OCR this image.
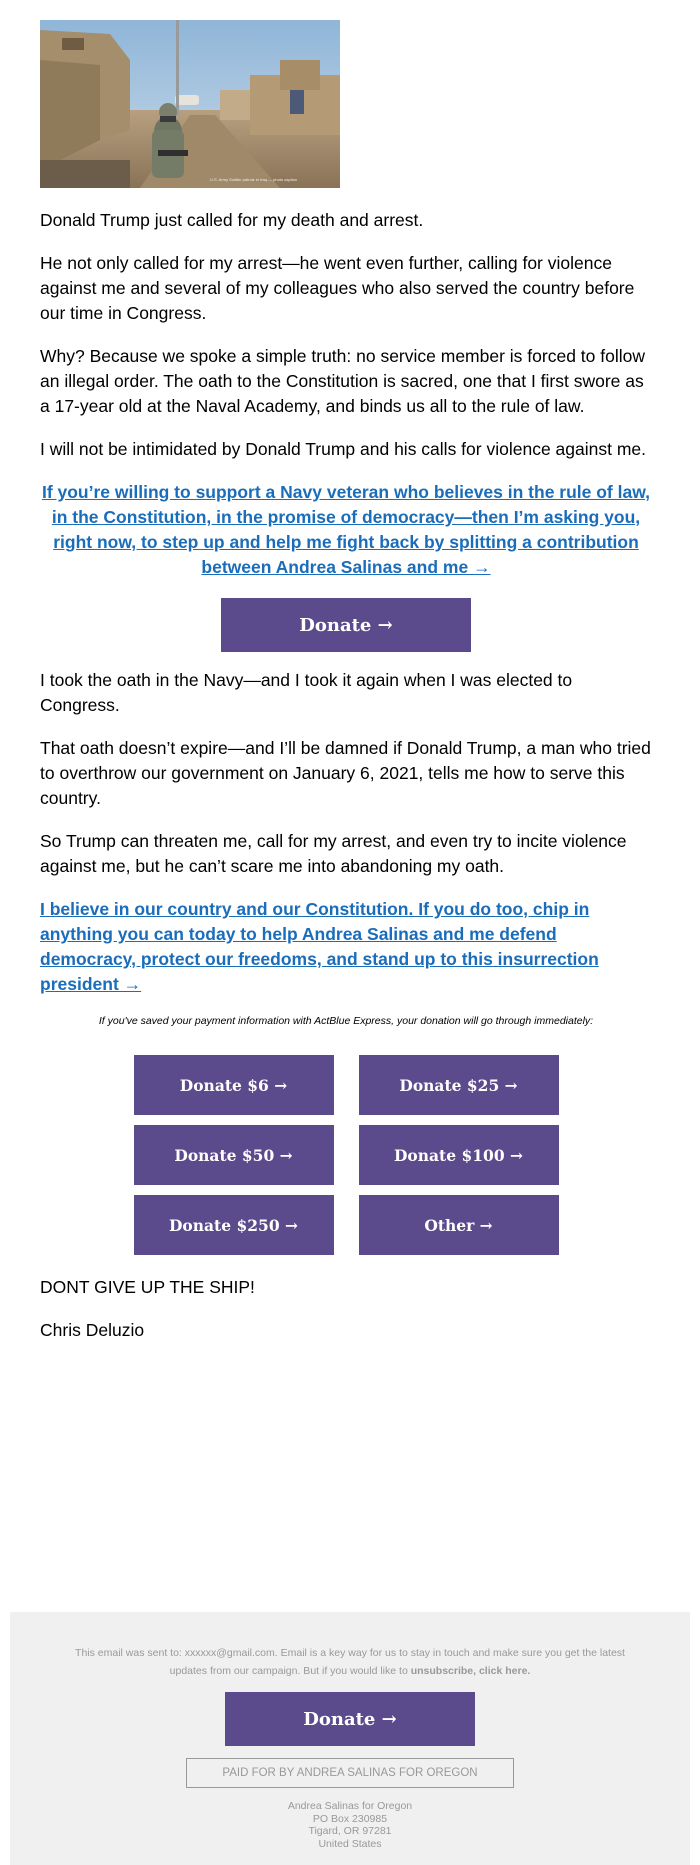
U.S. Army Soldier patrols in Iraq — photo caption

Donald Trump just called for my death and arrest.

He not only called for my arrest—he went even further, calling for violence against me and several of my colleagues who also served the country before our time in Congress.

Why? Because we spoke a simple truth: no service member is forced to follow an illegal order. The oath to the Constitution is sacred, one that I first swore as a 17-year old at the Naval Academy, and binds us all to the rule of law.

I will not be intimidated by Donald Trump and his calls for violence against me.

If you’re willing to support a Navy veteran who believes in the rule of law, in the Constitution, in the promise of democracy—then I’m asking you, right now, to step up and help me fight back by splitting a contribution between Andrea Salinas and me →
Donate →

I took the oath in the Navy—and I took it again when I was elected to Congress.

That oath doesn’t expire—and I’ll be damned if Donald Trump, a man who tried to overthrow our government on January 6, 2021, tells me how to serve this country.

So Trump can threaten me, call for my arrest, and even try to incite violence against me, but he can’t scare me into abandoning my oath.

I believe in our country and our Constitution. If you do too, chip in anything you can today to help Andrea Salinas and me defend democracy, protect our freedoms, and stand up to this insurrection president →
If you've saved your payment information with ActBlue Express, your donation will go through immediately:
Donate $6 →	Donate $25 →
Donate $50 →	Donate $100 →
Donate $250 →	Other →

DONT GIVE UP THE SHIP!

Chris Deluzio

This email was sent to: xxxxxx@gmail.com. Email is a key way for us to stay in touch and make sure you get the latest updates from our campaign. But if you would like to unsubscribe, click here.
Donate →
PAID FOR BY ANDREA SALINAS FOR OREGON
Andrea Salinas for Oregon
PO Box 230985
Tigard, OR 97281
United States
